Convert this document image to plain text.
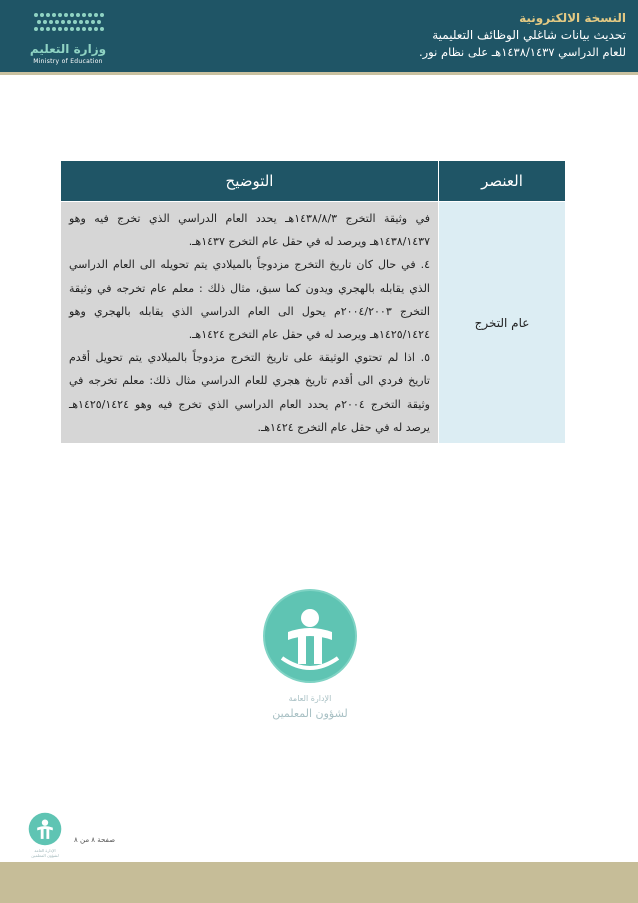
وزارة التعليم
Ministry of Education
النسخة الالكترونية
تحديث بيانات شاغلي الوظائف التعليمية
للعام الدراسي ١٤٣٨/١٤٣٧هـ على نظام نور.
العنصر	التوضيح
عام التخرج	في وثيقة التخرج ١٤٣٨/٨/٣هـ يحدد العام الدراسي الذي تخرج فيه وهو ١٤٣٨/١٤٣٧هـ ويرصد له في حقل عام التخرج ١٤٣٧هـ.
٤. في حال كان تاريخ التخرج مزدوجاً بالميلادي يتم تحويله الى العام الدراسي الذي يقابله بالهجري ويدون كما سبق، مثال ذلك : معلم عام تخرجه في وثيقة التخرج ٢٠٠٤/٢٠٠٣م يحول الى العام الدراسي الذي يقابله بالهجري وهو ١٤٢٥/١٤٢٤هـ ويرصد له في حقل عام التخرج ١٤٢٤هـ.
٥. اذا لم تحتوي الوثيقة على تاريخ التخرج مزدوجاً بالميلادي يتم تحويل أقدم تاريخ فردي الى أقدم تاريخ هجري للعام الدراسي مثال ذلك: معلم تخرجه في وثيقة التخرج ٢٠٠٤م يحدد العام الدراسي الذي تخرج فيه وهو ١٤٢٥/١٤٢٤هـ يرصد له في حقل عام التخرج ١٤٢٤هـ.
الإدارة العامة
لشؤون المعلمين
الإدارة العامة
لشؤون المعلمين
صفحة ٨ من ٨
